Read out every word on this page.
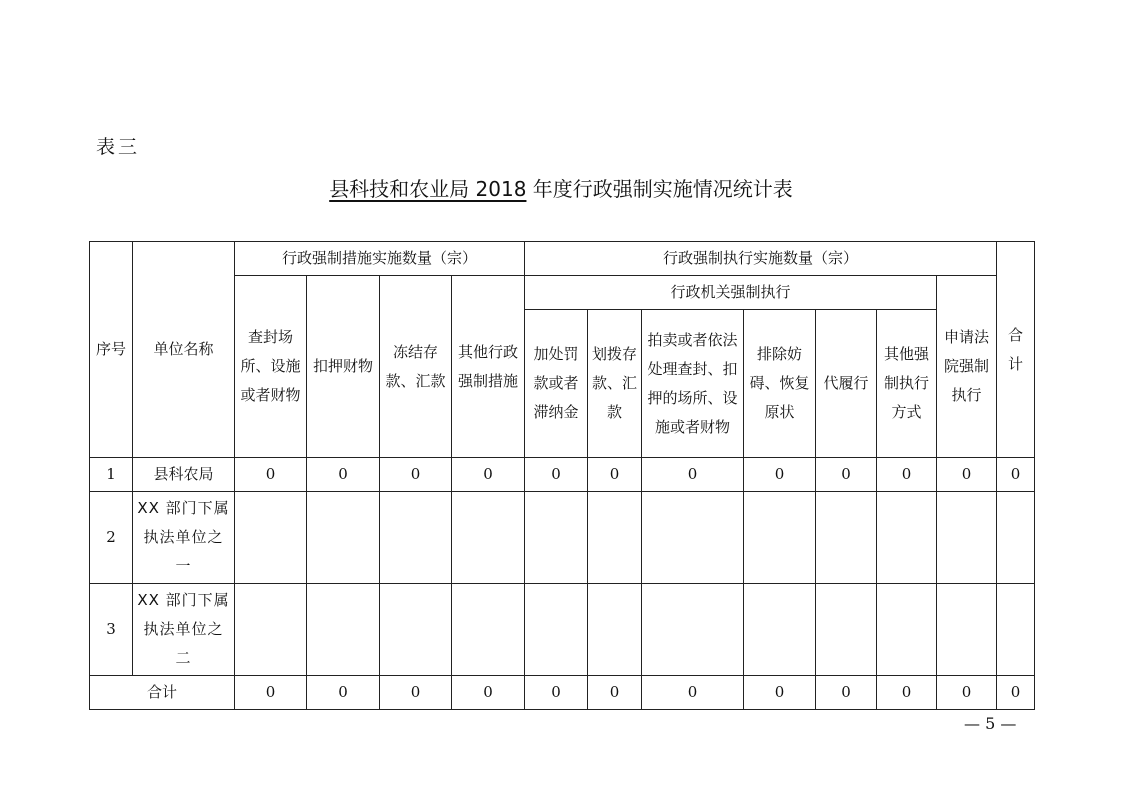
表三
县科技和农业局 2018 年度行政强制实施情况统计表
序号	单位名称	行政强制措施实施数量（宗）				行政强制执行实施数量（宗）							合计
		查封场所、设施或者财物	扣押财物	冻结存款、汇款	其他行政强制措施	行政机关强制执行						申请法院强制执行	
						加处罚款或者滞纳金	划拨存款、汇款	拍卖或者依法处理查封、扣押的场所、设施或者财物	排除妨碍、恢复原状	代履行	其他强制执行方式		
1	县科农局	0	0	0	0	0	0	0	0	0	0	0	0
2	XX 部门下属执法单位之一												
3	XX 部门下属执法单位之二												
合计		0	0	0	0	0	0	0	0	0	0	0	0
— 5 —
